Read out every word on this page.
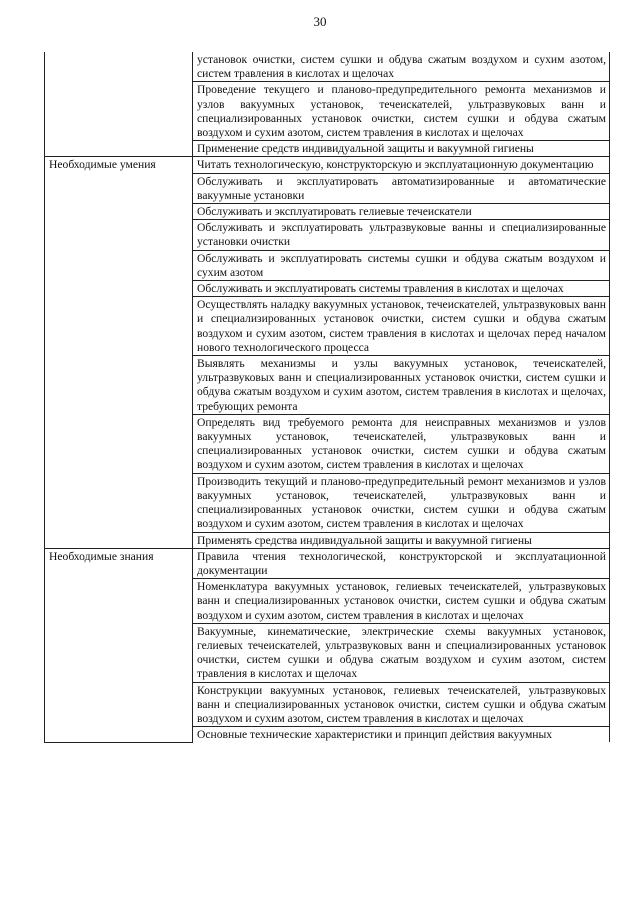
30
	установок очистки, систем сушки и обдува сжатым воздухом и сухим азотом, систем травления в кислотах и щелочах
	Проведение текущего и планово-предупредительного ремонта механизмов и узлов вакуумных установок, течеискателей, ультразвуковых ванн и специализированных установок очистки, систем сушки и обдува сжатым воздухом и сухим азотом, систем травления в кислотах и щелочах
	Применение средств индивидуальной защиты и вакуумной гигиены
Необходимые умения	Читать технологическую, конструкторскую и эксплуатационную документацию
	Обслуживать и эксплуатировать автоматизированные и автоматические вакуумные установки
	Обслуживать и эксплуатировать гелиевые течеискатели
	Обслуживать и эксплуатировать ультразвуковые ванны и специализированные установки очистки
	Обслуживать и эксплуатировать системы сушки и обдува сжатым воздухом и сухим азотом
	Обслуживать и эксплуатировать системы травления в кислотах и щелочах
	Осуществлять наладку вакуумных установок, течеискателей, ультразвуковых ванн и специализированных установок очистки, систем сушки и обдува сжатым воздухом и сухим азотом, систем травления в кислотах и щелочах перед началом нового технологического процесса
	Выявлять механизмы и узлы вакуумных установок, течеискателей, ультразвуковых ванн и специализированных установок очистки, систем сушки и обдува сжатым воздухом и сухим азотом, систем травления в кислотах и щелочах, требующих ремонта
	Определять вид требуемого ремонта для неисправных механизмов и узлов вакуумных установок, течеискателей, ультразвуковых ванн и специализированных установок очистки, систем сушки и обдува сжатым воздухом и сухим азотом, систем травления в кислотах и щелочах
	Производить текущий и планово-предупредительный ремонт механизмов и узлов вакуумных установок, течеискателей, ультразвуковых ванн и специализированных установок очистки, систем сушки и обдува сжатым воздухом и сухим азотом, систем травления в кислотах и щелочах
	Применять средства индивидуальной защиты и вакуумной гигиены
Необходимые знания	Правила чтения технологической, конструкторской и эксплуатационной документации
	Номенклатура вакуумных установок, гелиевых течеискателей, ультразвуковых ванн и специализированных установок очистки, систем сушки и обдува сжатым воздухом и сухим азотом, систем травления в кислотах и щелочах
	Вакуумные, кинематические, электрические схемы вакуумных установок, гелиевых течеискателей, ультразвуковых ванн и специализированных установок очистки, систем сушки и обдува сжатым воздухом и сухим азотом, систем травления в кислотах и щелочах
	Конструкции вакуумных установок, гелиевых течеискателей, ультразвуковых ванн и специализированных установок очистки, систем сушки и обдува сжатым воздухом и сухим азотом, систем травления в кислотах и щелочах
	Основные технические характеристики и принцип действия вакуумных
